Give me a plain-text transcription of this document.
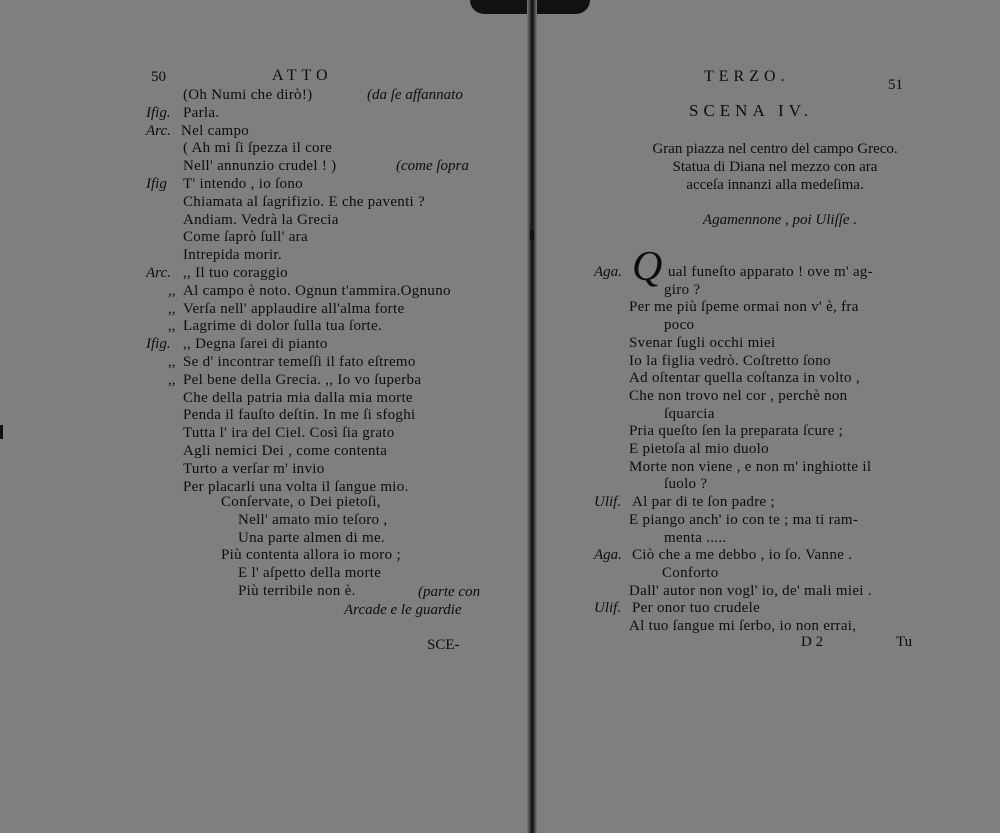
50	ATTO
(Oh Numi che dirò!)	(da ſe affannato
Ifig. Parla.
Arc. Nel campo
( Ah mi ſi ſpezza il core
Nell' annunzio crudel ! )	(come ſopra
Ifig T' intendo , io ſono
Chiamata al ſagrifizio. E che paventi ?
Andiam. Vedrà la Grecia
Come ſaprò ſull' ara
Intrepida morir.
Arc. ,, Il tuo coraggio
,, Al campo è noto. Ognun t'ammira.Ognuno
,, Verſa nell' applaudire all'alma forte
,, Lagrime di dolor ſulla tua ſorte.
Ifig. ,, Degna ſarei di pianto
,, Se d' incontrar temeſſi il fato eſtremo
,, Pel bene della Grecia. ,, Io vo ſuperba
Che della patria mia dalla mia morte
Penda il fauſto deſtin. In me ſi sfoghi
Tutta l' ira del Ciel. Così ſia grato
Agli nemici Dei , come contenta
Turto a verſar m' invio
Per placarli una volta il ſangue mio.
Conſervate, o Dei pietoſi,
Nell' amato mio teſoro ,
Una parte almen di me.
Più contenta allora io moro ;
E l' aſpetto della morte
Più terribile non è.	(parte con
Arcade e le guardie
SCE-
TERZO.	51
SCENA IV.
Gran piazza nel centro del campo Greco.
Statua di Diana nel mezzo con ara
acceſa innanzi alla medeſima.
Agamennone , poi Uliſſe .
Q
Aga.	ual funeſto apparato ! ove m' ag-
giro ?
Per me più ſpeme ormai non v' è, fra
poco
Svenar ſugli occhi miei
Io la figlia vedrò. Coſtretto ſono
Ad oſtentar quella coſtanza in volto ,
Che non trovo nel cor , perchè non
ſquarcia
Pria queſto ſen la preparata ſcure ;
E pietoſa al mio duolo
Morte non viene , e non m' inghiotte il
ſuolo ?
Ulif. Al par di te ſon padre ;
E piango anch' io con te ; ma ti ram-
menta .....
Aga. Ciò che a me debbo , io ſo. Vanne .
Conforto
Dall' autor non vogl' io, de' mali miei .
Ulif. Per onor tuo crudele
Al tuo ſangue mi ſerbo, io non errai,
D 2	Tu
